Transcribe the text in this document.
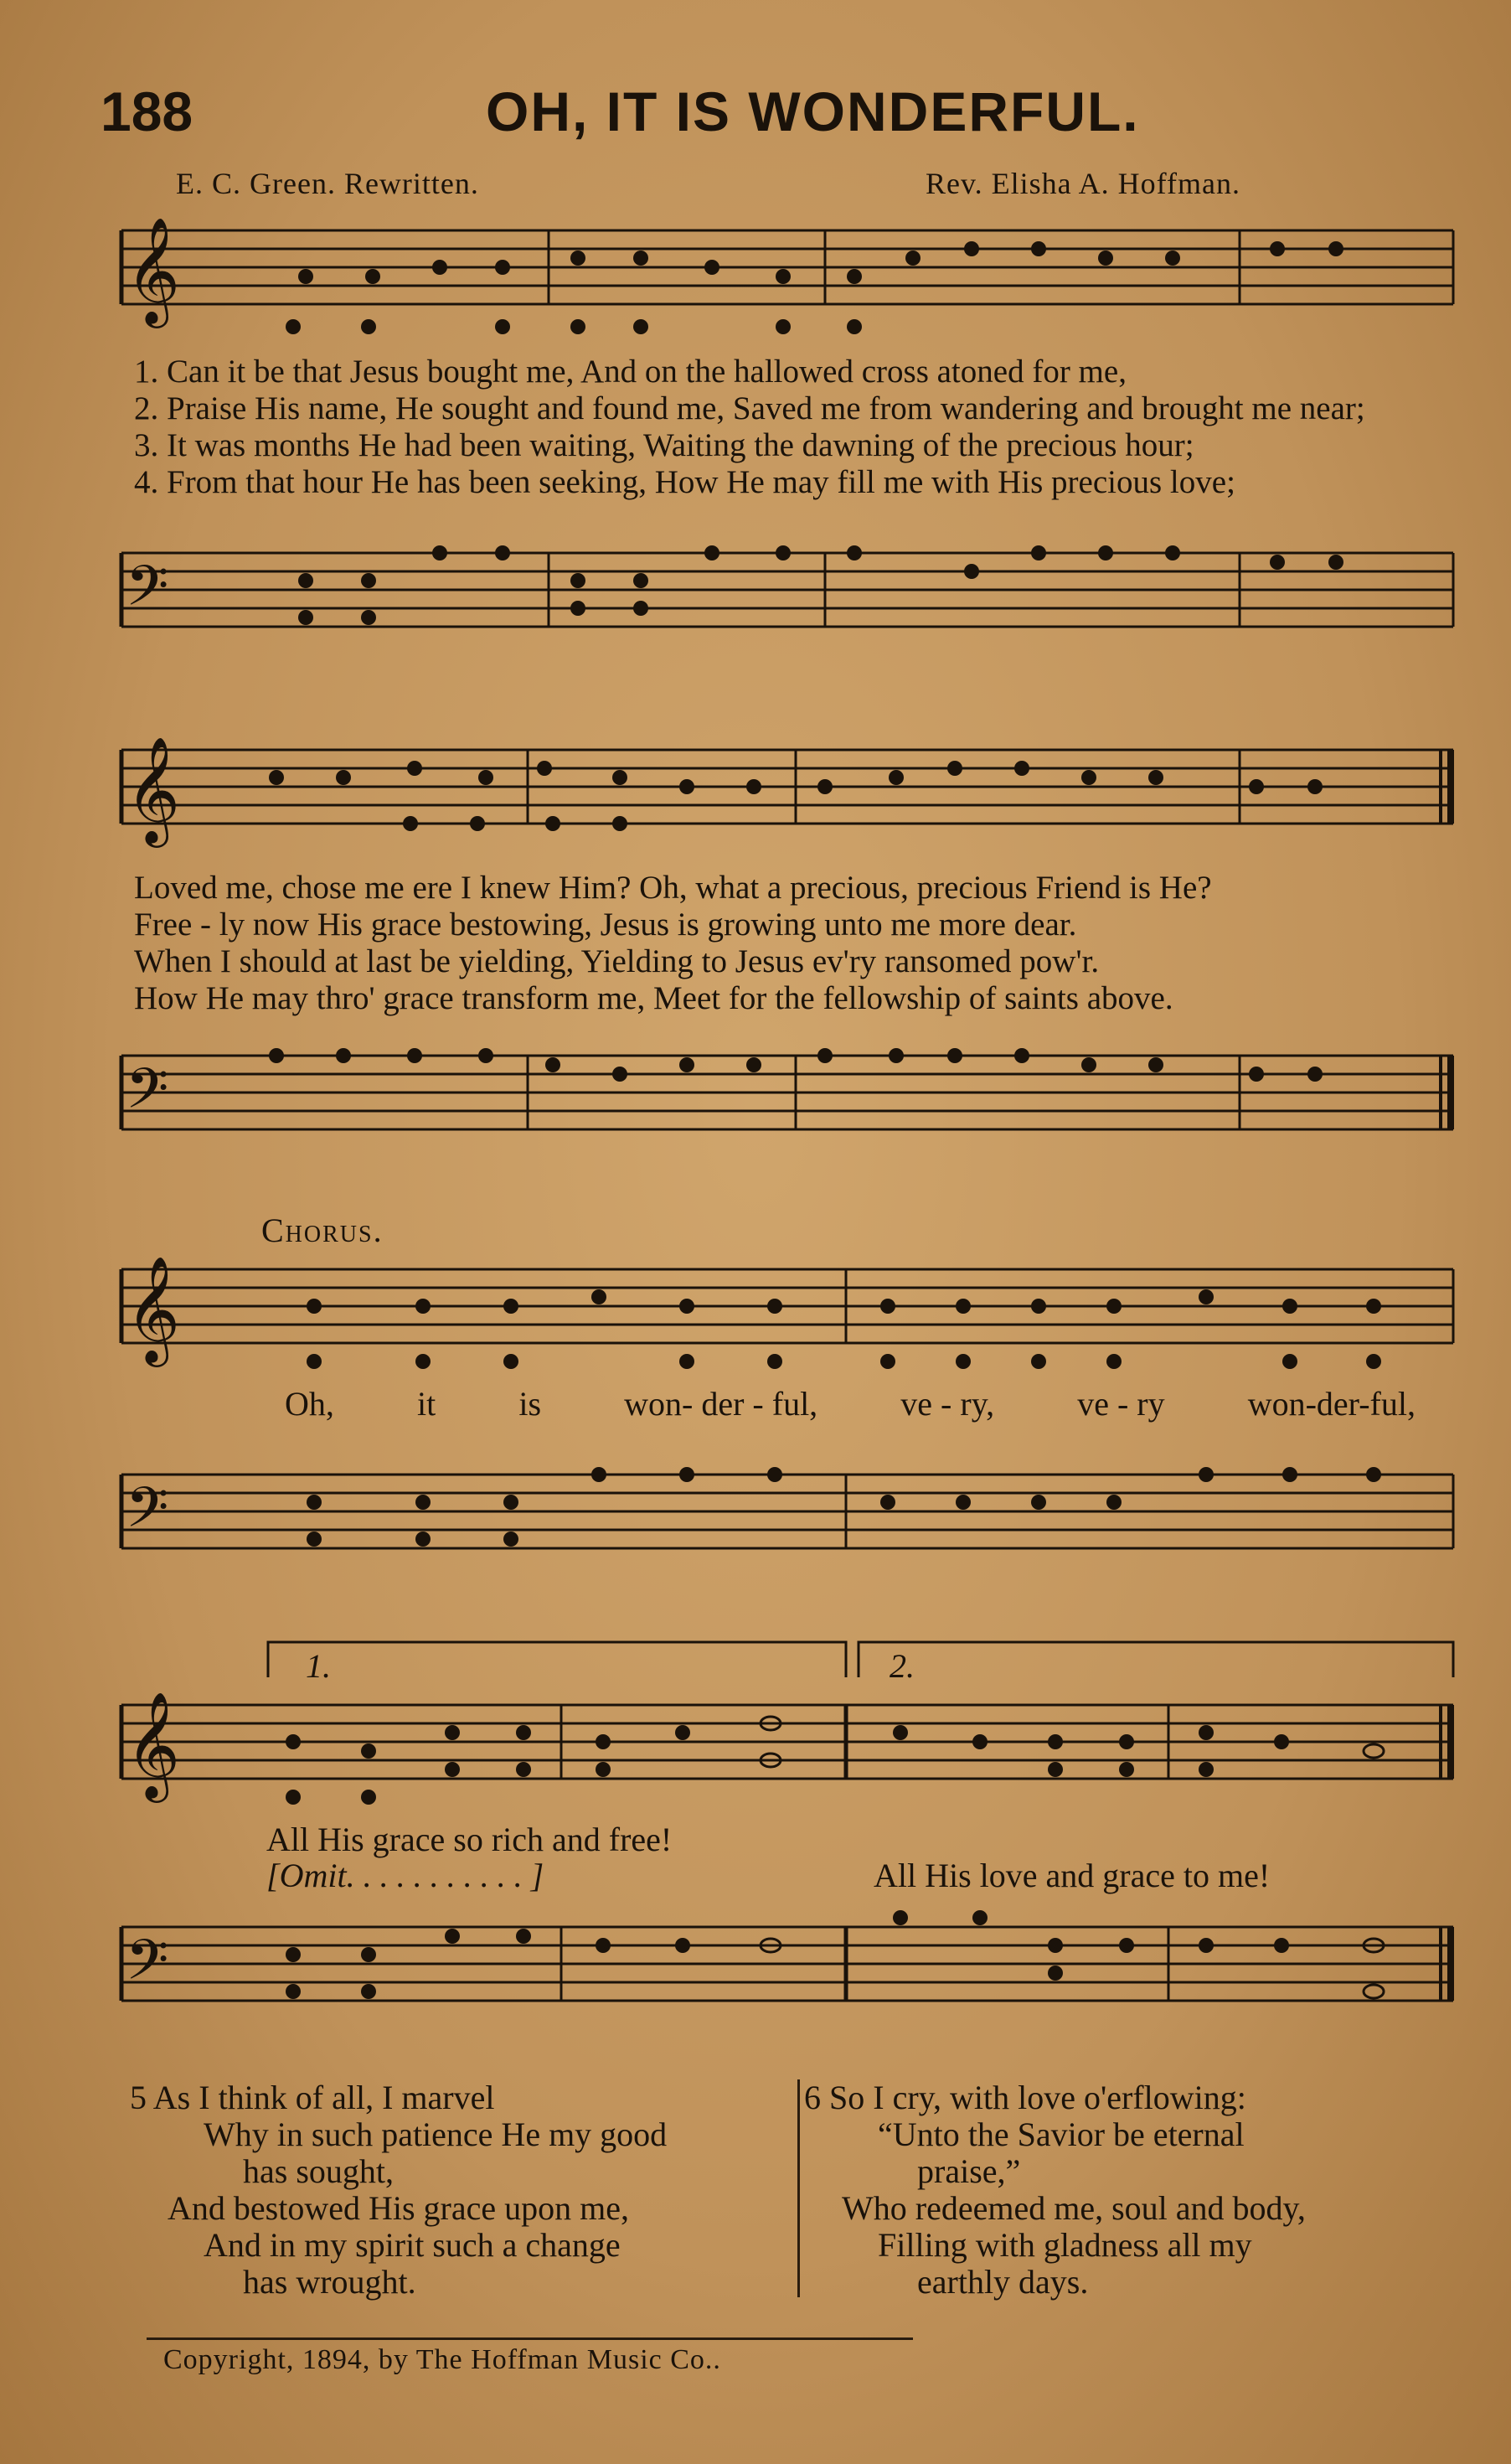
188	OH, IT IS WONDERFUL.
E. C. Green. Rewritten.	Rev. Elisha A. Hoffman.
𝄞
1. Can it be that Jesus bought me, And on the hallowed cross atoned for me,
2. Praise His name, He sought and found me, Saved me from wandering and brought me near;
3. It was months He had been waiting, Waiting the dawning of the precious hour;
4. From that hour He has been seeking, How He may fill me with His precious love;
𝄢
𝄞
Loved me, chose me ere I knew Him? Oh, what a precious, precious Friend is He?
Free - ly now His grace bestowing, Jesus is growing unto me more dear.
When I should at last be yielding, Yielding to Jesus ev'ry ransomed pow'r.
How He may thro' grace transform me, Meet for the fellowship of saints above.
𝄢
Chorus.
𝄞
Oh, it is won- der - ful, ve - ry, ve - ry won-der-ful,
𝄢
1.	2.
𝄞
All His grace so rich and free!
[Omit. . . . . . . . . . . ]	All His love and grace to me!
𝄢
5 As I think of all, I marvel
Why in such patience He my good
has sought,
And bestowed His grace upon me,
And in my spirit such a change
has wrought.
6 So I cry, with love o'erflowing:
“Unto the Savior be eternal
praise,”
Who redeemed me, soul and body,
Filling with gladness all my
earthly days.
Copyright, 1894, by The Hoffman Music Co..
